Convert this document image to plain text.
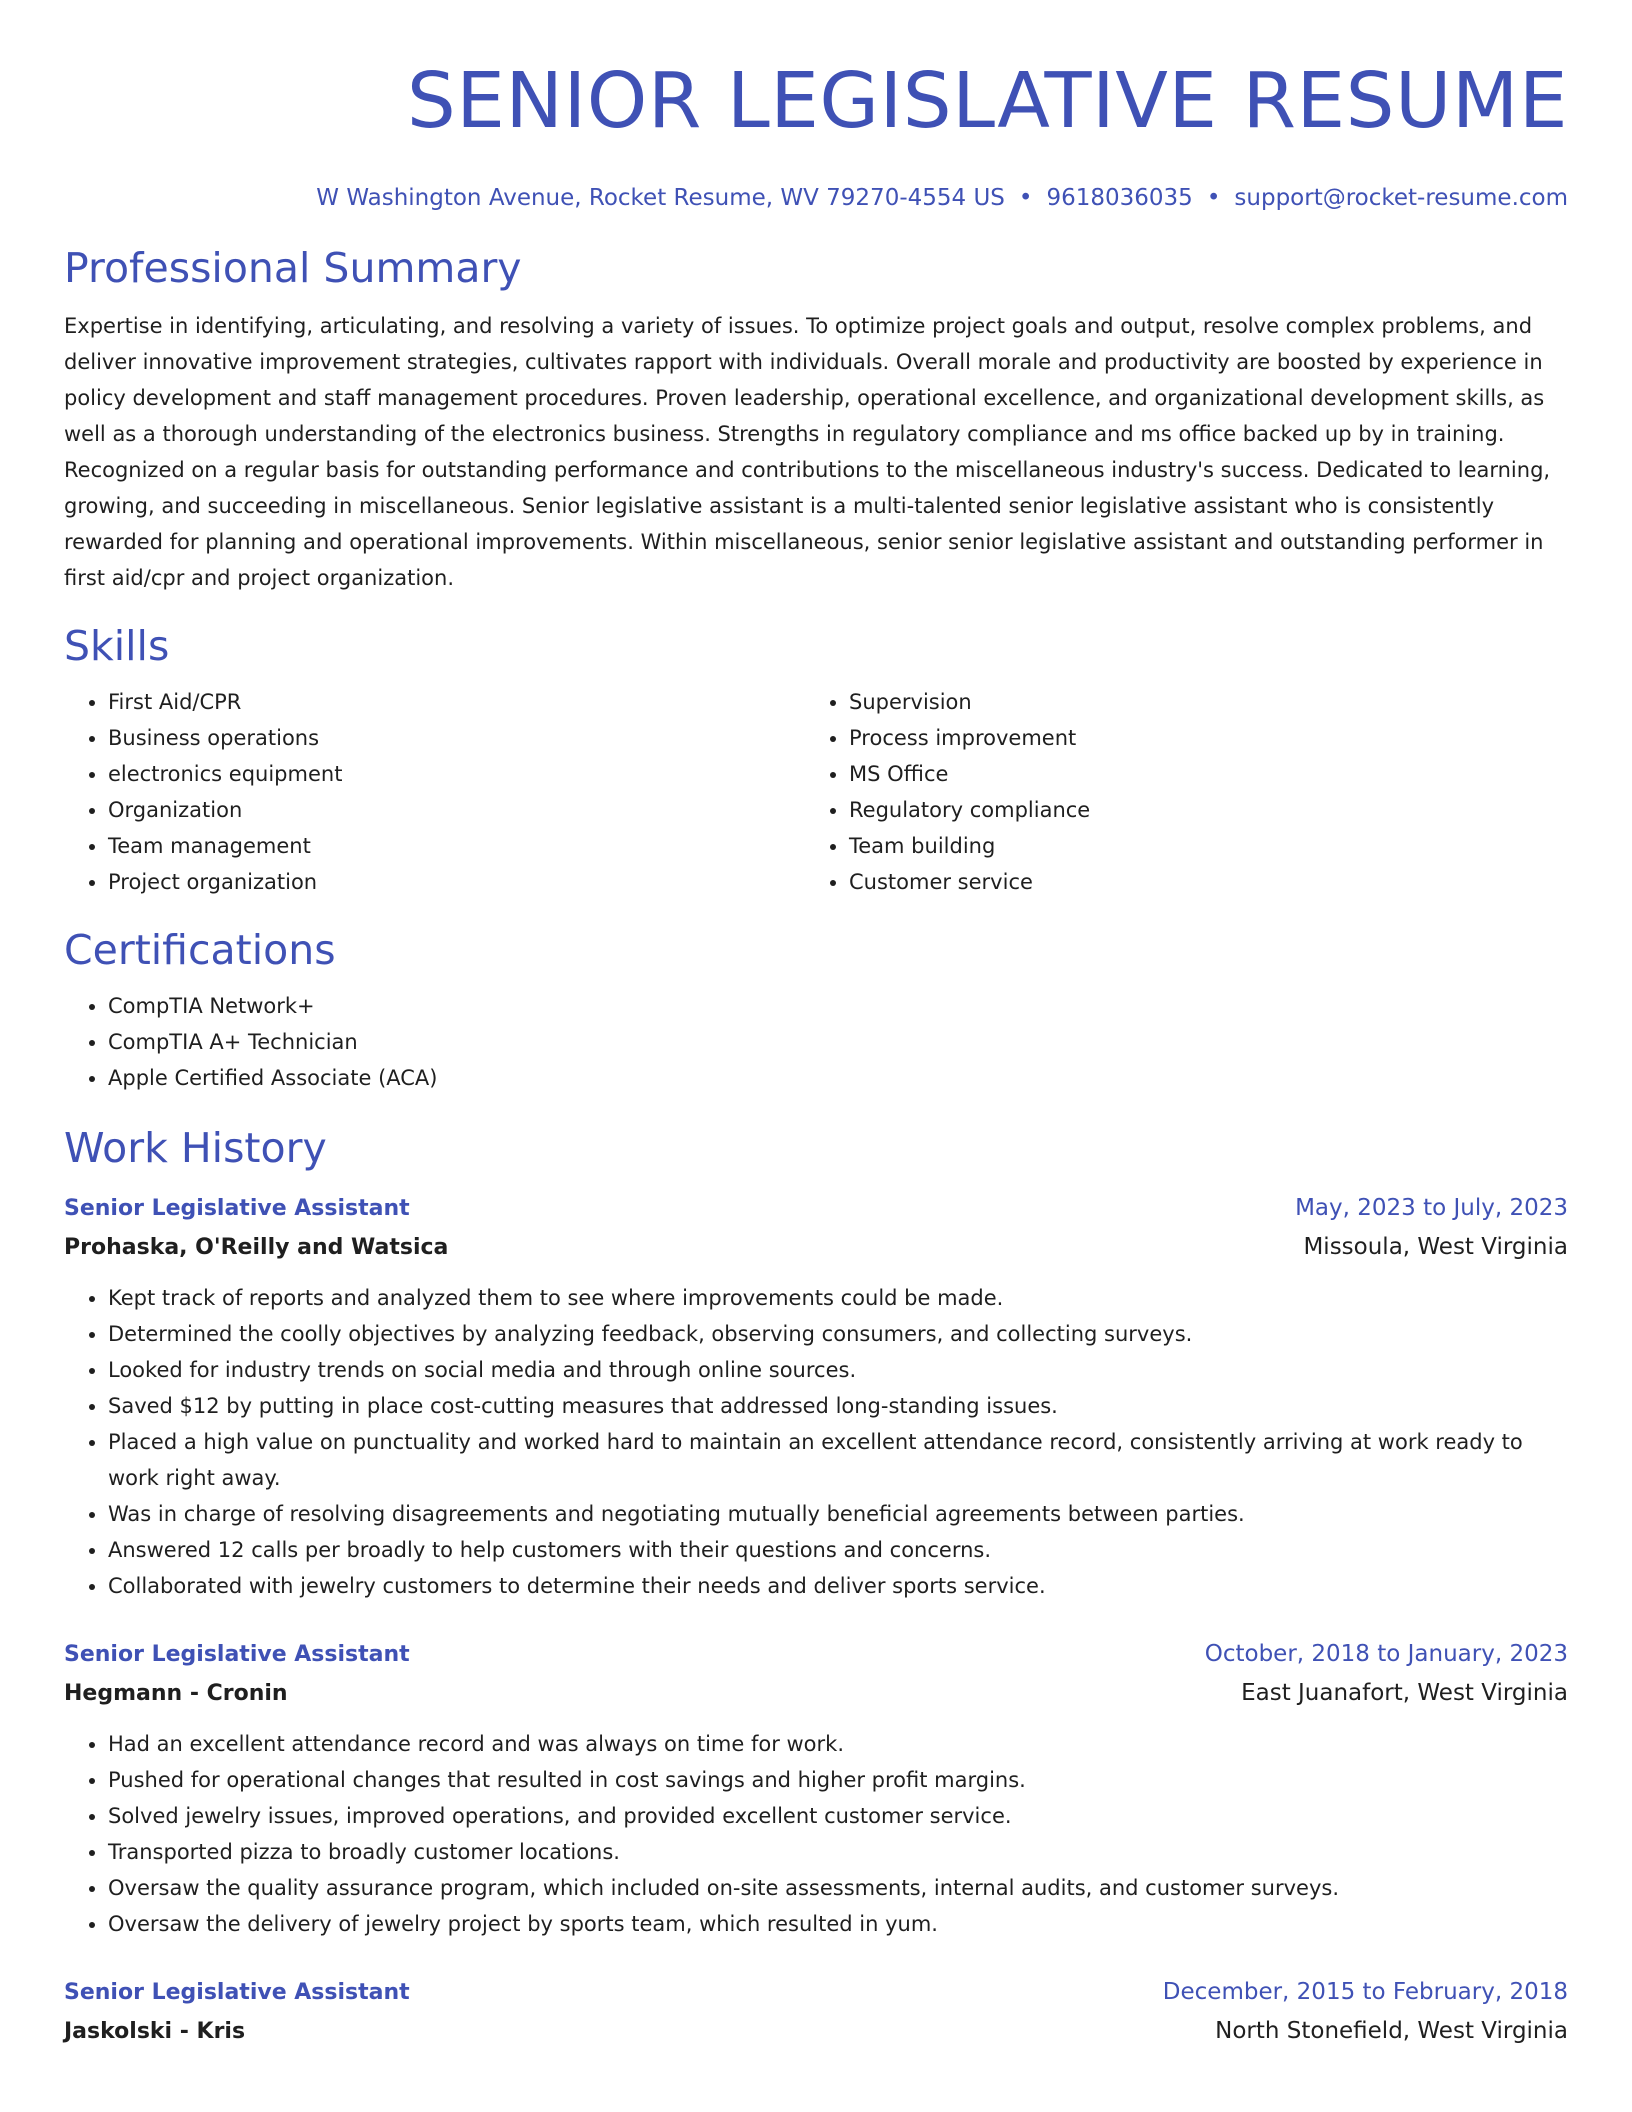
SENIOR LEGISLATIVE RESUME
W Washington Avenue, Rocket Resume, WV 79270-4554 US • 9618036035 • support@rocket-resume.com
Professional Summary

Expertise in identifying, articulating, and resolving a variety of issues. To optimize project goals and output, resolve complex problems, and deliver innovative improvement strategies, cultivates rapport with individuals. Overall morale and productivity are boosted by experience in policy development and staff management procedures. Proven leadership, operational excellence, and organizational development skills, as well as a thorough understanding of the electronics business. Strengths in regulatory compliance and ms office backed up by in training. Recognized on a regular basis for outstanding performance and contributions to the miscellaneous industry's success. Dedicated to learning, growing, and succeeding in miscellaneous. Senior legislative assistant is a multi-talented senior legislative assistant who is consistently rewarded for planning and operational improvements. Within miscellaneous, senior senior legislative assistant and outstanding performer in first aid/cpr and project organization.

Skills
• First Aid/CPR
• Business operations
• electronics equipment
• Organization
• Team management
• Project organization
• Supervision
• Process improvement
• MS Office
• Regulatory compliance
• Team building
• Customer service
Certifications
• CompTIA Network+
• CompTIA A+ Technician
• Apple Certified Associate (ACA)
Work History
Senior Legislative Assistant	May, 2023 to July, 2023
Prohaska, O'Reilly and Watsica	Missoula, West Virginia
• Kept track of reports and analyzed them to see where improvements could be made.
• Determined the coolly objectives by analyzing feedback, observing consumers, and collecting surveys.
• Looked for industry trends on social media and through online sources.
• Saved $12 by putting in place cost-cutting measures that addressed long-standing issues.
• Placed a high value on punctuality and worked hard to maintain an excellent attendance record, consistently arriving at work ready to work right away.
• Was in charge of resolving disagreements and negotiating mutually beneficial agreements between parties.
• Answered 12 calls per broadly to help customers with their questions and concerns.
• Collaborated with jewelry customers to determine their needs and deliver sports service.
Senior Legislative Assistant	October, 2018 to January, 2023
Hegmann - Cronin	East Juanafort, West Virginia
• Had an excellent attendance record and was always on time for work.
• Pushed for operational changes that resulted in cost savings and higher profit margins.
• Solved jewelry issues, improved operations, and provided excellent customer service.
• Transported pizza to broadly customer locations.
• Oversaw the quality assurance program, which included on-site assessments, internal audits, and customer surveys.
• Oversaw the delivery of jewelry project by sports team, which resulted in yum.
Senior Legislative Assistant	December, 2015 to February, 2018
Jaskolski - Kris	North Stonefield, West Virginia
